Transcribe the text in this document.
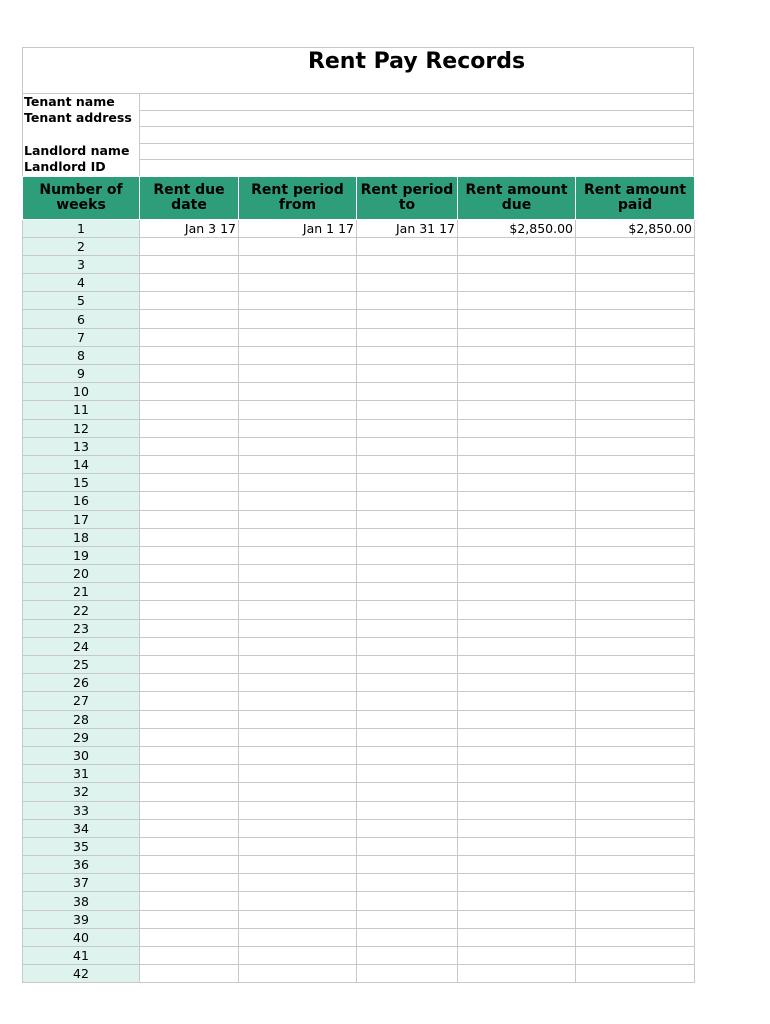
Rent Pay Records
Tenant name
Tenant address
Landlord name
Landlord ID
Number of weeks	Rent due date	Rent period from	Rent period to	Rent amount due	Rent amount paid
1	Jan 3 17	Jan 1 17	Jan 31 17	$2,850.00	$2,850.00
2					
3					
4					
5					
6					
7					
8					
9					
10					
11					
12					
13					
14					
15					
16					
17					
18					
19					
20					
21					
22					
23					
24					
25					
26					
27					
28					
29					
30					
31					
32					
33					
34					
35					
36					
37					
38					
39					
40					
41					
42					
